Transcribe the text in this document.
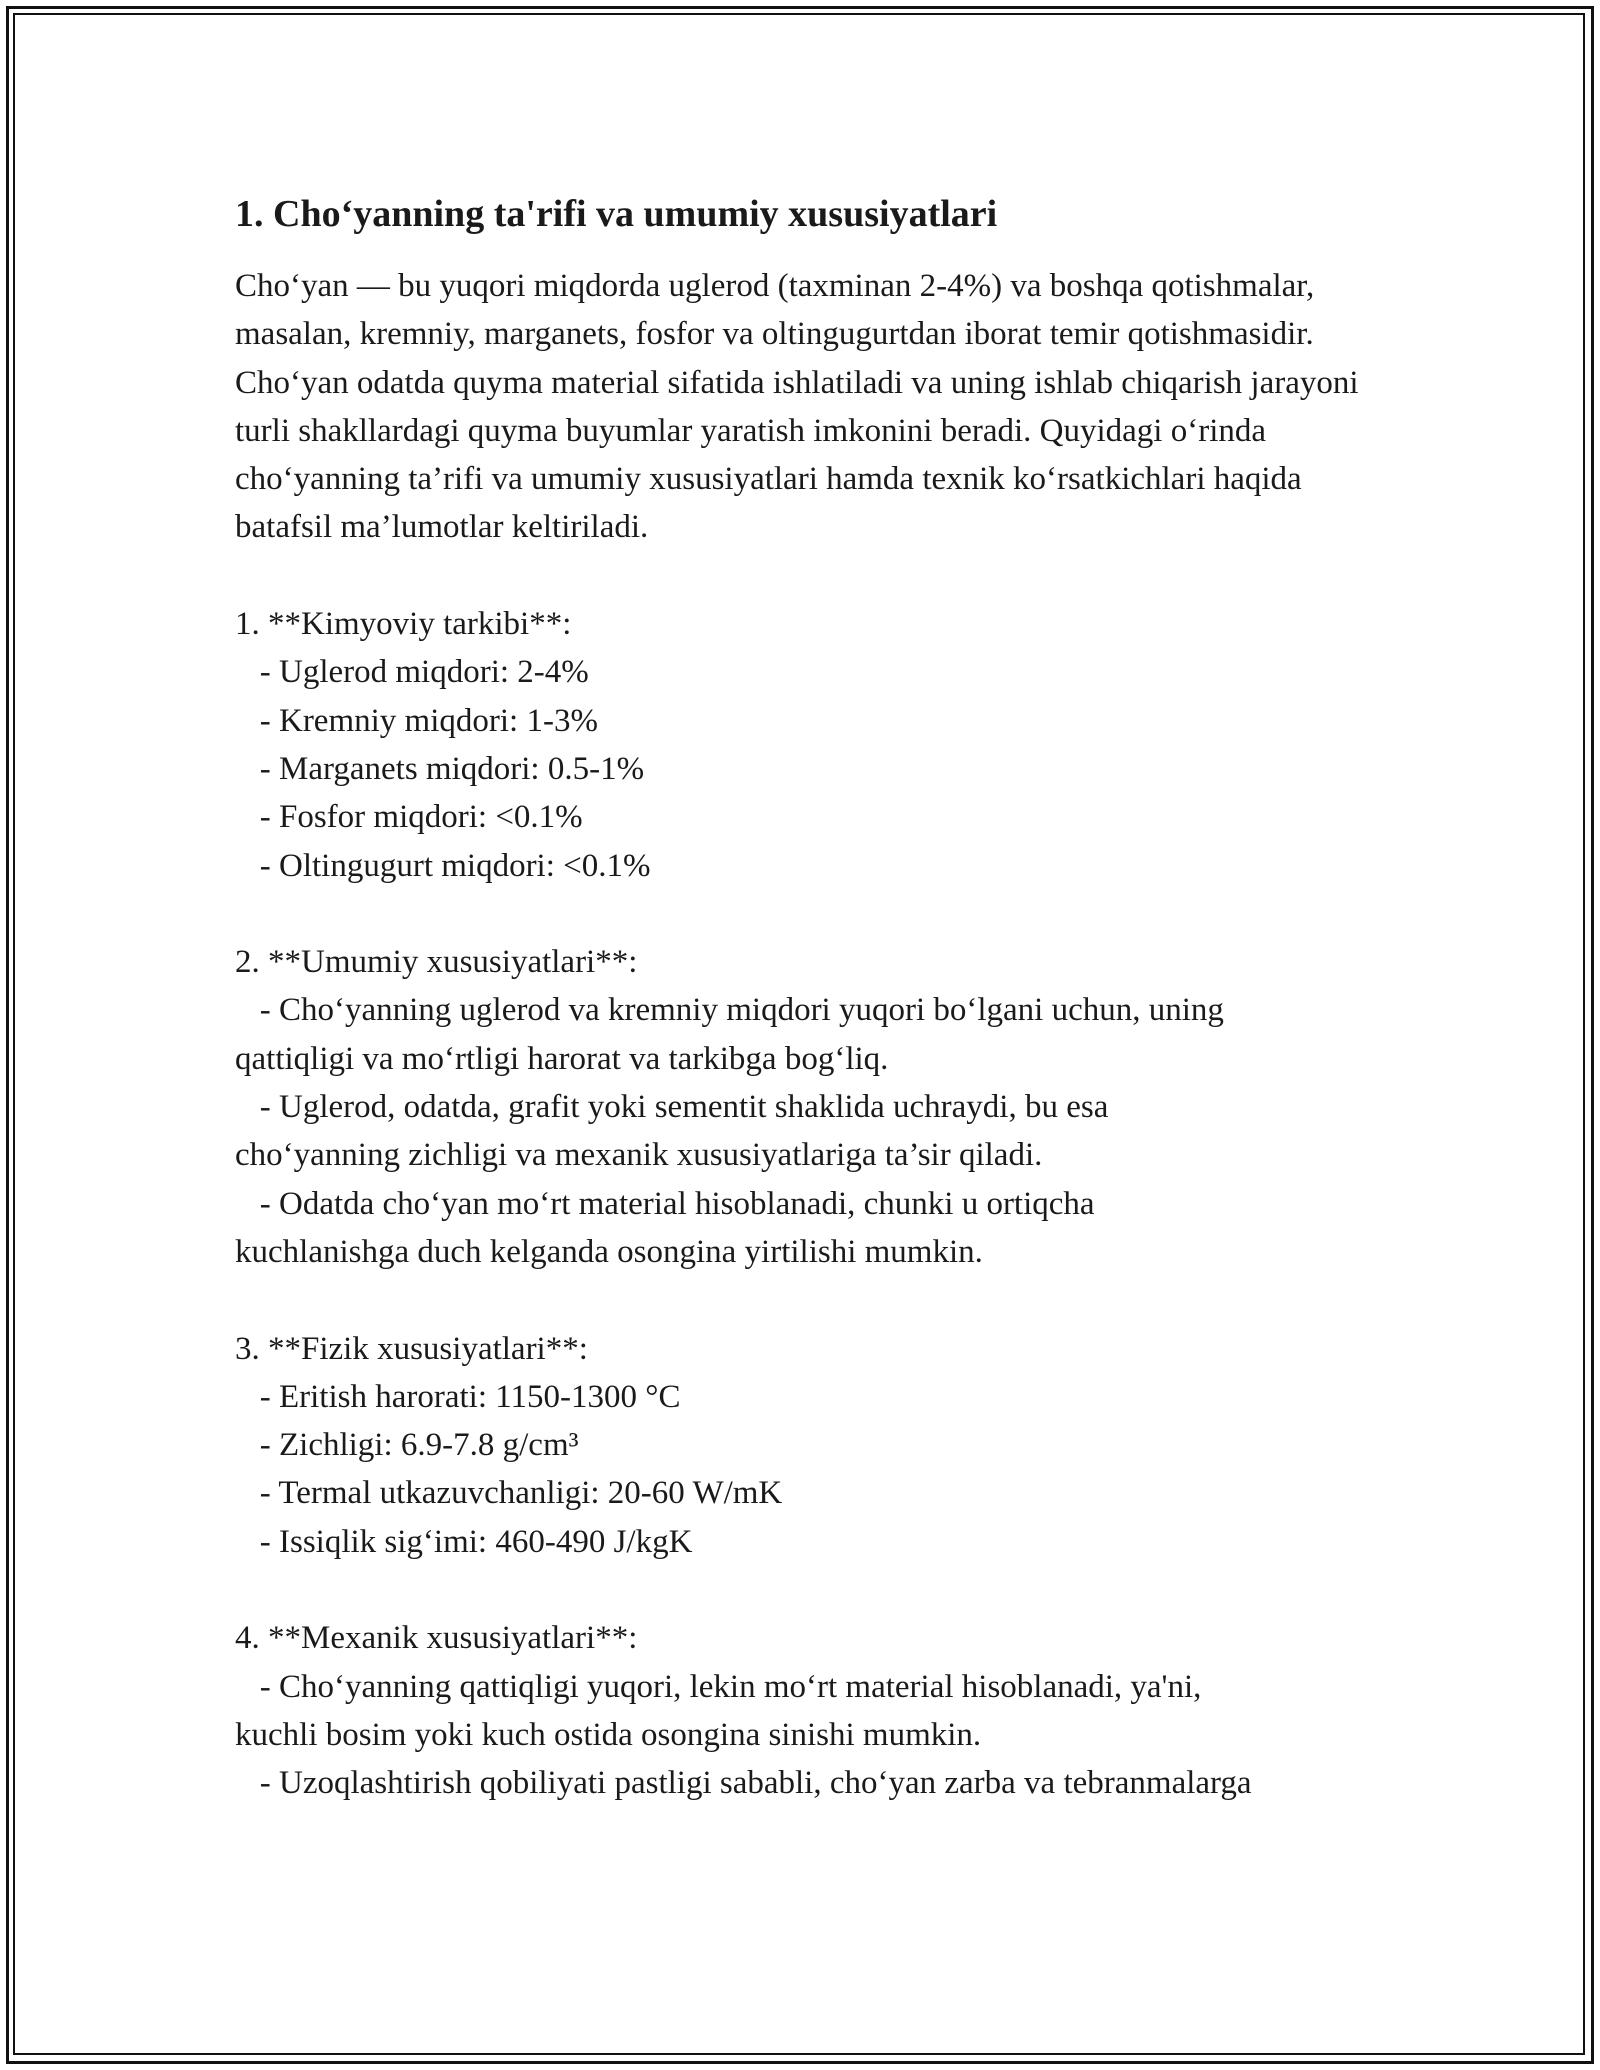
1. Cho‘yanning ta'rifi va umumiy xususiyatlari

Cho‘yan — bu yuqori miqdorda uglerod (taxminan 2-4%) va boshqa qotishmalar, masalan, kremniy, marganets, fosfor va oltingugurtdan iborat temir qotishmasidir. Cho‘yan odatda quyma material sifatida ishlatiladi va uning ishlab chiqarish jarayoni turli shakllardagi quyma buyumlar yaratish imkonini beradi. Quyidagi o‘rinda cho‘yanning ta’rifi va umumiy xususiyatlari hamda texnik ko‘rsatkichlari haqida batafsil ma’lumotlar keltiriladi.

1. **Kimyoviy tarkibi**:
- Uglerod miqdori: 2-4%
- Kremniy miqdori: 1-3%
- Marganets miqdori: 0.5-1%
- Fosfor miqdori: <0.1%
- Oltingugurt miqdori: <0.1%
2. **Umumiy xususiyatlari**:
- Cho‘yanning uglerod va kremniy miqdori yuqori bo‘lgani uchun, uning
qattiqligi va mo‘rtligi harorat va tarkibga bog‘liq.
- Uglerod, odatda, grafit yoki sementit shaklida uchraydi, bu esa
cho‘yanning zichligi va mexanik xususiyatlariga ta’sir qiladi.
- Odatda cho‘yan mo‘rt material hisoblanadi, chunki u ortiqcha
kuchlanishga duch kelganda osongina yirtilishi mumkin.
3. **Fizik xususiyatlari**:
- Eritish harorati: 1150-1300 °C
- Zichligi: 6.9-7.8 g/cm³
- Termal utkazuvchanligi: 20-60 W/mK
- Issiqlik sig‘imi: 460-490 J/kgK
4. **Mexanik xususiyatlari**:
- Cho‘yanning qattiqligi yuqori, lekin mo‘rt material hisoblanadi, ya'ni,
kuchli bosim yoki kuch ostida osongina sinishi mumkin.
- Uzoqlashtirish qobiliyati pastligi sababli, cho‘yan zarba va tebranmalarga
